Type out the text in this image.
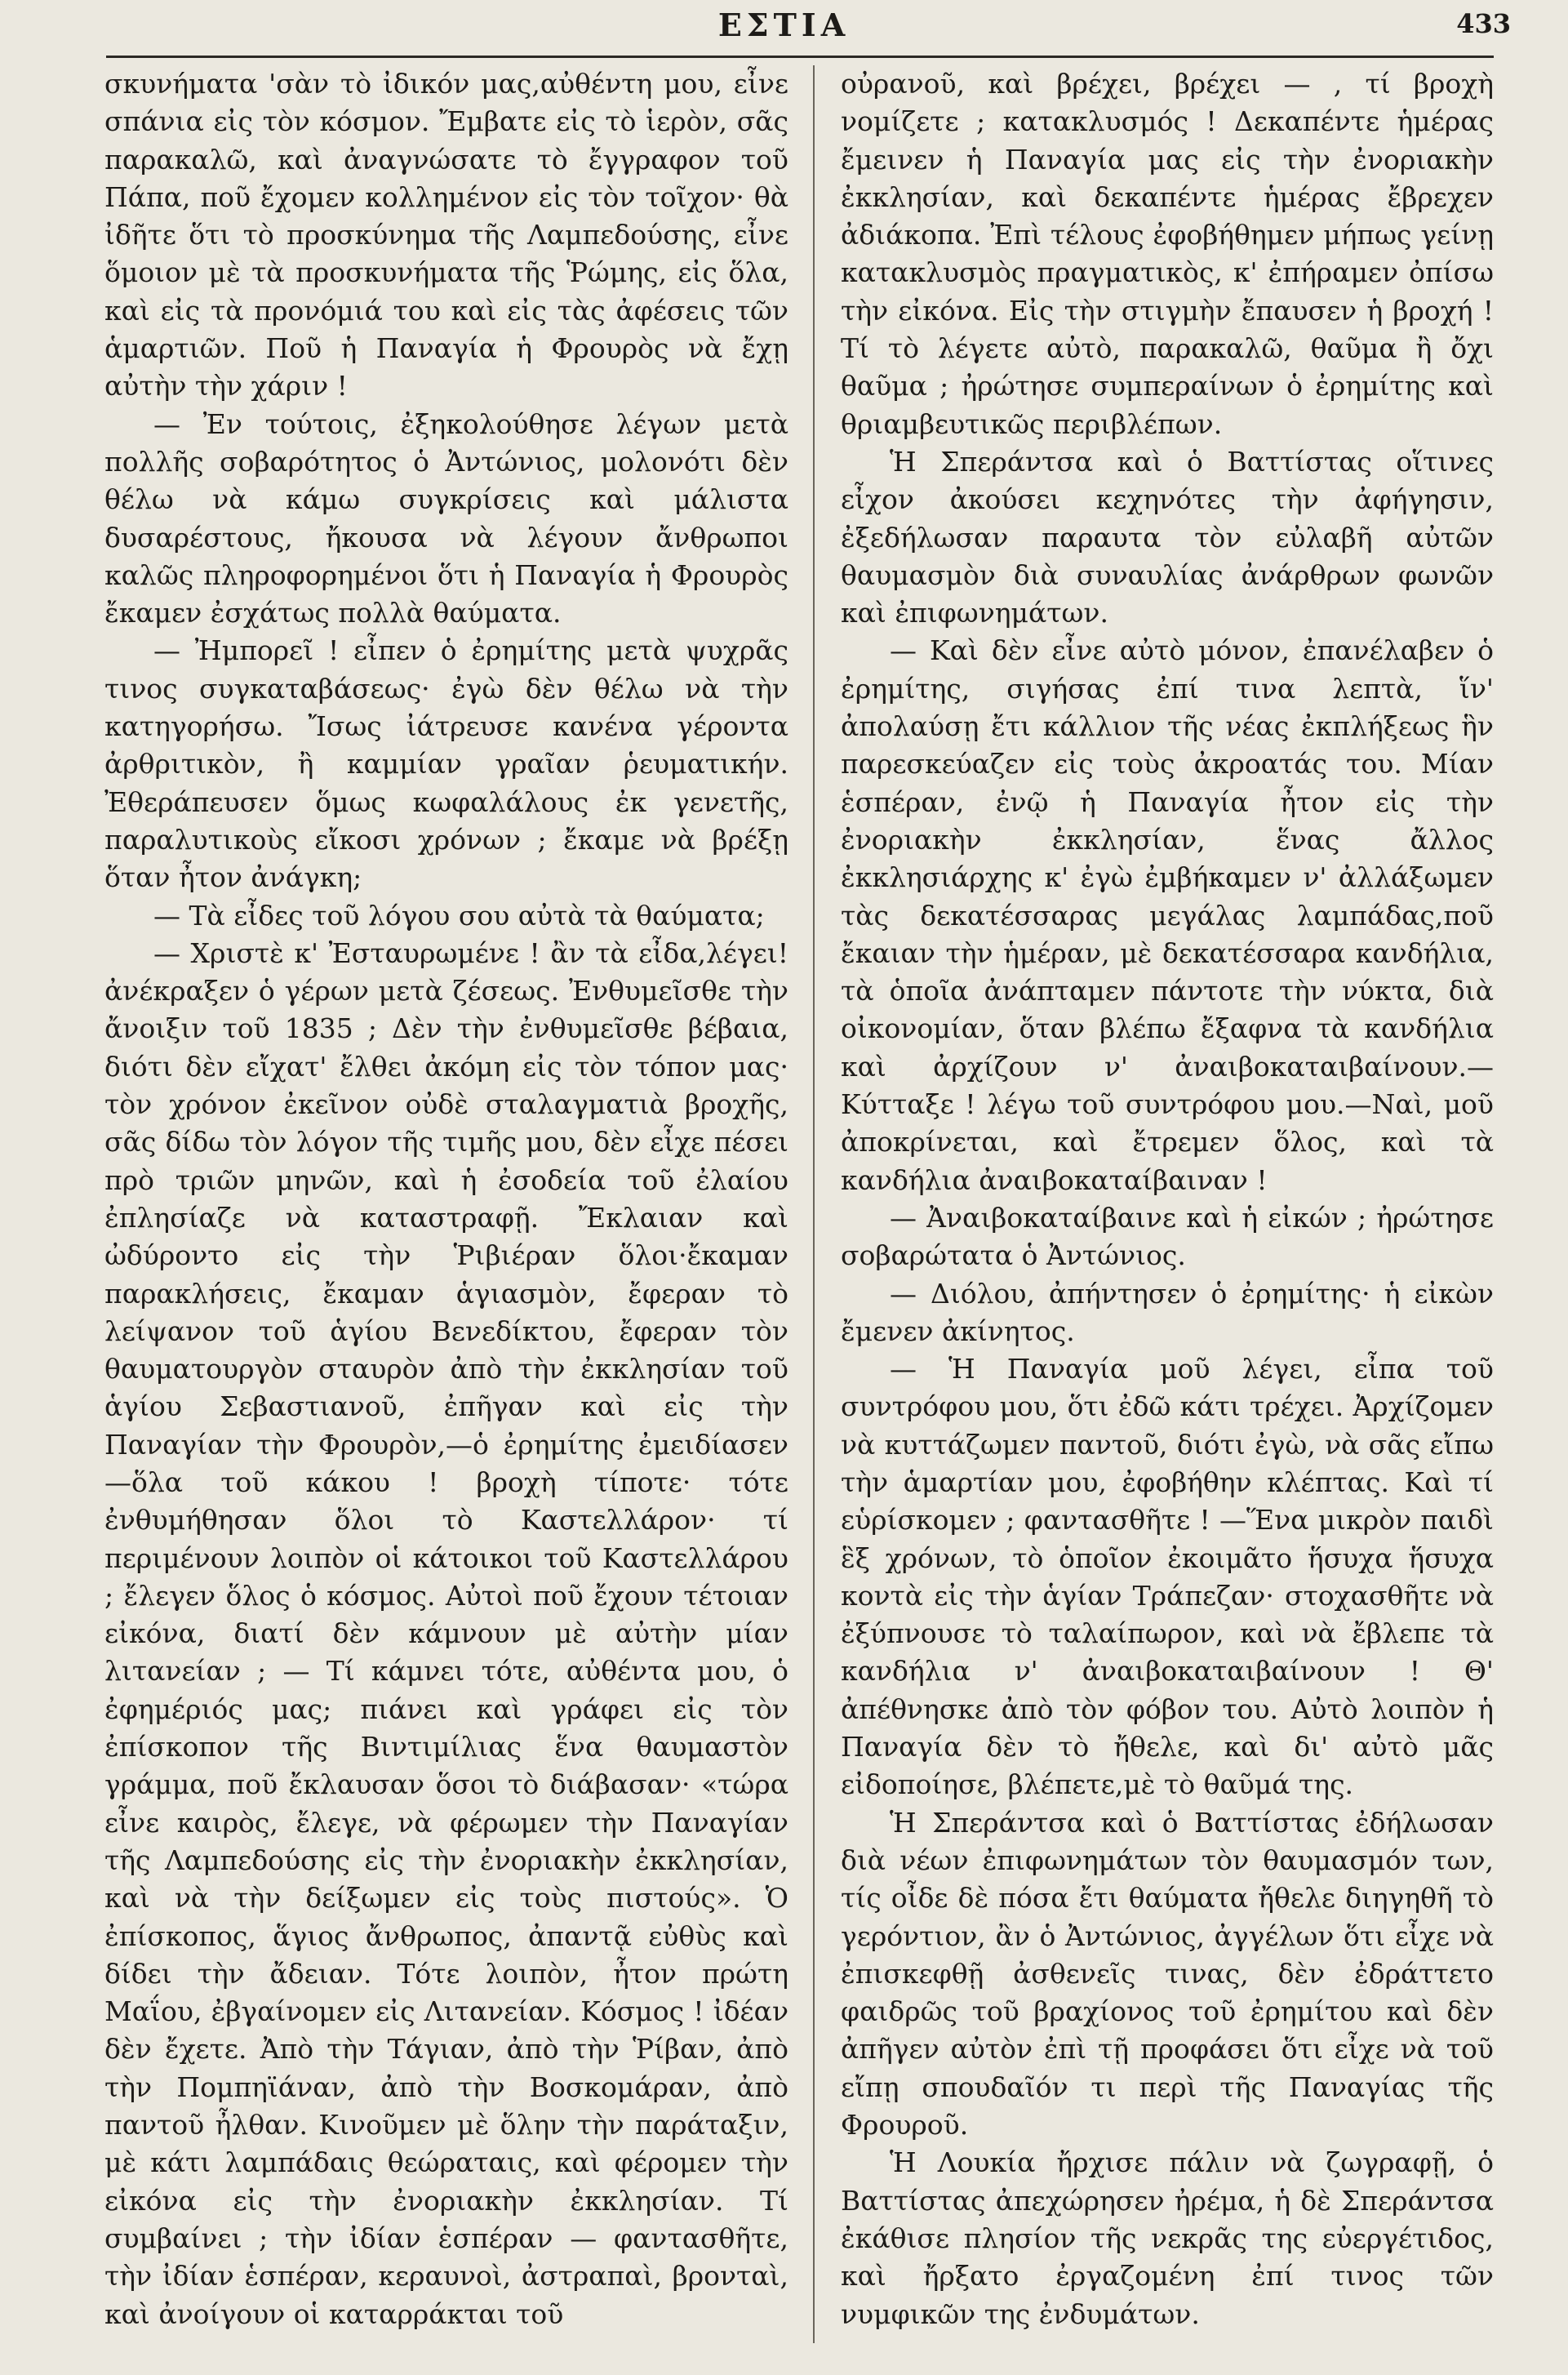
ΕΣΤΙΑ	433

σκυνήματα 'σὰν τὸ ἰδικόν μας,αὐθέντη μου, εἶνε σπάνια εἰς τὸν κόσμον. Ἔμβατε εἰς τὸ ἱερὸν, σᾶς παρακαλῶ, καὶ ἀναγνώσατε τὸ ἔγγραφον τοῦ Πάπα, ποῦ ἔχομεν κολλημένον εἰς τὸν τοῖχον· θὰ ἰδῆτε ὅτι τὸ προσκύνημα τῆς Λαμπεδούσης, εἶνε ὅμοιον μὲ τὰ προσκυνήματα τῆς Ῥώμης, εἰς ὅλα, καὶ εἰς τὰ προνόμιά του καὶ εἰς τὰς ἀφέσεις τῶν ἁμαρτιῶν. Ποῦ ἡ Παναγία ἡ Φρουρὸς νὰ ἔχῃ αὐτὴν τὴν χάριν !

— Ἐν τούτοις, ἐξηκολούθησε λέγων μετὰ πολλῆς σοβαρότητος ὁ Ἀντώνιος, μολονότι δὲν θέλω νὰ κάμω συγκρίσεις καὶ μάλιστα δυσαρέστους, ἤκουσα νὰ λέγουν ἄνθρωποι καλῶς πληροφορημένοι ὅτι ἡ Παναγία ἡ Φρουρὸς ἔκαμεν ἐσχάτως πολλὰ θαύματα.

— Ἠμπορεῖ ! εἶπεν ὁ ἐρημίτης μετὰ ψυχρᾶς τινος συγκαταβάσεως· ἐγὼ δὲν θέλω νὰ τὴν κατηγορήσω. Ἴσως ἰάτρευσε κανένα γέροντα ἀρθριτικὸν, ἢ καμμίαν γραῖαν ῥευματικήν. Ἐθεράπευσεν ὅμως κωφαλάλους ἐκ γενετῆς, παραλυτικοὺς εἴκοσι χρόνων ; ἔκαμε νὰ βρέξῃ ὅταν ἦτον ἀνάγκη;

— Τὰ εἶδες τοῦ λόγου σου αὐτὰ τὰ θαύματα;

— Χριστὲ κ' Ἐσταυρωμένε ! ἂν τὰ εἶδα,λέγει! ἀνέκραξεν ὁ γέρων μετὰ ζέσεως. Ἐνθυμεῖσθε τὴν ἄνοιξιν τοῦ 1835 ; Δὲν τὴν ἐνθυμεῖσθε βέβαια, διότι δὲν εἴχατ' ἔλθει ἀκόμη εἰς τὸν τόπον μας· τὸν χρόνον ἐκεῖνον οὐδὲ σταλαγματιὰ βροχῆς, σᾶς δίδω τὸν λόγον τῆς τιμῆς μου, δὲν εἶχε πέσει πρὸ τριῶν μηνῶν, καὶ ἡ ἐσοδεία τοῦ ἐλαίου ἐπλησίαζε νὰ καταστραφῇ. Ἔκλαιαν καὶ ὠδύροντο εἰς τὴν Ῥιβιέραν ὅλοι·ἔκαμαν παρακλήσεις, ἔκαμαν ἁγιασμὸν, ἔφεραν τὸ λείψανον τοῦ ἁγίου Βενεδίκτου, ἔφεραν τὸν θαυματουργὸν σταυρὸν ἀπὸ τὴν ἐκκλησίαν τοῦ ἁγίου Σεβαστιανοῦ, ἐπῆγαν καὶ εἰς τὴν Παναγίαν τὴν Φρουρὸν,—ὁ ἐρημίτης ἐμειδίασεν—ὅλα τοῦ κάκου ! βροχὴ τίποτε· τότε ἐνθυμήθησαν ὅλοι τὸ Καστελλάρον· τί περιμένουν λοιπὸν οἱ κάτοικοι τοῦ Καστελλάρου ; ἔλεγεν ὅλος ὁ κόσμος. Αὐτοὶ ποῦ ἔχουν τέτοιαν εἰκόνα, διατί δὲν κάμνουν μὲ αὐτὴν μίαν λιτανείαν ; — Τί κάμνει τότε, αὐθέντα μου, ὁ ἐφημέριός μας; πιάνει καὶ γράφει εἰς τὸν ἐπίσκοπον τῆς Βιντιμίλιας ἕνα θαυμαστὸν γράμμα, ποῦ ἔκλαυσαν ὅσοι τὸ διάβασαν· «τώρα εἶνε καιρὸς, ἔλεγε, νὰ φέρωμεν τὴν Παναγίαν τῆς Λαμπεδούσης εἰς τὴν ἐνοριακὴν ἐκκλησίαν, καὶ νὰ τὴν δείξωμεν εἰς τοὺς πιστούς». Ὁ ἐπίσκοπος, ἅγιος ἄνθρωπος, ἀπαντᾷ εὐθὺς καὶ δίδει τὴν ἄδειαν. Τότε λοιπὸν, ἦτον πρώτη Μαΐου, ἐβγαίνομεν εἰς Λιτανείαν. Κόσμος ! ἰδέαν δὲν ἔχετε. Ἀπὸ τὴν Τάγιαν, ἀπὸ τὴν Ῥίβαν, ἀπὸ τὴν Πομπηϊάναν, ἀπὸ τὴν Βοσκομάραν, ἀπὸ παντοῦ ἦλθαν. Κινοῦμεν μὲ ὅλην τὴν παράταξιν, μὲ κάτι λαμπάδαις θεώραταις, καὶ φέρομεν τὴν εἰκόνα εἰς τὴν ἐνοριακὴν ἐκκλησίαν. Τί συμβαίνει ; τὴν ἰδίαν ἑσπέραν — φαντασθῆτε, τὴν ἰδίαν ἑσπέραν, κεραυνοὶ, ἀστραπαὶ, βρονταὶ, καὶ ἀνοίγουν οἱ καταρράκται τοῦ

οὐρανοῦ, καὶ βρέχει, βρέχει — , τί βροχὴ νομίζετε ; κατακλυσμός ! Δεκαπέντε ἡμέρας ἔμεινεν ἡ Παναγία μας εἰς τὴν ἐνοριακὴν ἐκκλησίαν, καὶ δεκαπέντε ἡμέρας ἔβρεχεν ἀδιάκοπα. Ἐπὶ τέλους ἐφοβήθημεν μήπως γείνῃ κατακλυσμὸς πραγματικὸς, κ' ἐπήραμεν ὀπίσω τὴν εἰκόνα. Εἰς τὴν στιγμὴν ἔπαυσεν ἡ βροχή ! Τί τὸ λέγετε αὐτὸ, παρακαλῶ, θαῦμα ἢ ὄχι θαῦμα ; ἠρώτησε συμπεραίνων ὁ ἐρημίτης καὶ θριαμβευτικῶς περιβλέπων.

Ἡ Σπεράντσα καὶ ὁ Βαττίστας οἵτινες εἶχον ἀκούσει κεχηνότες τὴν ἀφήγησιν, ἐξεδήλωσαν παραυτα τὸν εὐλαβῆ αὐτῶν θαυμασμὸν διὰ συναυλίας ἀνάρθρων φωνῶν καὶ ἐπιφωνημάτων.

— Καὶ δὲν εἶνε αὐτὸ μόνον, ἐπανέλαβεν ὁ ἐρημίτης, σιγήσας ἐπί τινα λεπτὰ, ἵν' ἀπολαύσῃ ἔτι κάλλιον τῆς νέας ἐκπλήξεως ἣν παρεσκεύαζεν εἰς τοὺς ἀκροατάς του. Μίαν ἑσπέραν, ἐνῷ ἡ Παναγία ἦτον εἰς τὴν ἐνοριακὴν ἐκκλησίαν, ἕνας ἄλλος ἐκκλησιάρχης κ' ἐγὼ ἐμβήκαμεν ν' ἀλλάξωμεν τὰς δεκατέσσαρας μεγάλας λαμπάδας,ποῦ ἔκαιαν τὴν ἡμέραν, μὲ δεκατέσσαρα κανδήλια, τὰ ὁποῖα ἀνάπταμεν πάντοτε τὴν νύκτα, διὰ οἰκονομίαν, ὅταν βλέπω ἔξαφνα τὰ κανδήλια καὶ ἀρχίζουν ν' ἀναιβοκαταιβαίνουν.— Κύτταξε ! λέγω τοῦ συντρόφου μου.—Ναὶ, μοῦ ἀποκρίνεται, καὶ ἔτρεμεν ὅλος, καὶ τὰ κανδήλια ἀναιβοκαταίβαιναν !

— Ἀναιβοκαταίβαινε καὶ ἡ εἰκών ; ἠρώτησε σοβαρώτατα ὁ Ἀντώνιος.

— Διόλου, ἀπήντησεν ὁ ἐρημίτης· ἡ εἰκὼν ἔμενεν ἀκίνητος.

— Ἡ Παναγία μοῦ λέγει, εἶπα τοῦ συντρόφου μου, ὅτι ἐδῶ κάτι τρέχει. Ἀρχίζομεν νὰ κυττάζωμεν παντοῦ, διότι ἐγὼ, νὰ σᾶς εἴπω τὴν ἁμαρτίαν μου, ἐφοβήθην κλέπτας. Καὶ τί εὑρίσκομεν ; φαντασθῆτε ! —Ἕνα μικρὸν παιδὶ ἓξ χρόνων, τὸ ὁποῖον ἐκοιμᾶτο ἥσυχα ἥσυχα κοντὰ εἰς τὴν ἁγίαν Τράπεζαν· στοχασθῆτε νὰ ἐξύπνουσε τὸ ταλαίπωρον, καὶ νὰ ἔβλεπε τὰ κανδήλια ν' ἀναιβοκαταιβαίνουν ! Θ' ἀπέθνησκε ἀπὸ τὸν φόβον του. Αὐτὸ λοιπὸν ἡ Παναγία δὲν τὸ ἤθελε, καὶ δι' αὐτὸ μᾶς εἰδοποίησε, βλέπετε,μὲ τὸ θαῦμά της.

Ἡ Σπεράντσα καὶ ὁ Βαττίστας ἐδήλωσαν διὰ νέων ἐπιφωνημάτων τὸν θαυμασμόν των, τίς οἶδε δὲ πόσα ἔτι θαύματα ἤθελε διηγηθῆ τὸ γερόντιον, ἂν ὁ Ἀντώνιος, ἀγγέλων ὅτι εἶχε νὰ ἐπισκεφθῇ ἀσθενεῖς τινας, δὲν ἐδράττετο φαιδρῶς τοῦ βραχίονος τοῦ ἐρημίτου καὶ δὲν ἀπῆγεν αὐτὸν ἐπὶ τῇ προφάσει ὅτι εἶχε νὰ τοῦ εἴπῃ σπουδαῖόν τι περὶ τῆς Παναγίας τῆς Φρουροῦ.

Ἡ Λουκία ἤρχισε πάλιν νὰ ζωγραφῇ, ὁ Βαττίστας ἀπεχώρησεν ἠρέμα, ἡ δὲ Σπεράντσα ἐκάθισε πλησίον τῆς νεκρᾶς της εὐεργέτιδος, καὶ ἤρξατο ἐργαζομένη ἐπί τινος τῶν νυμφικῶν της ἐνδυμάτων.
